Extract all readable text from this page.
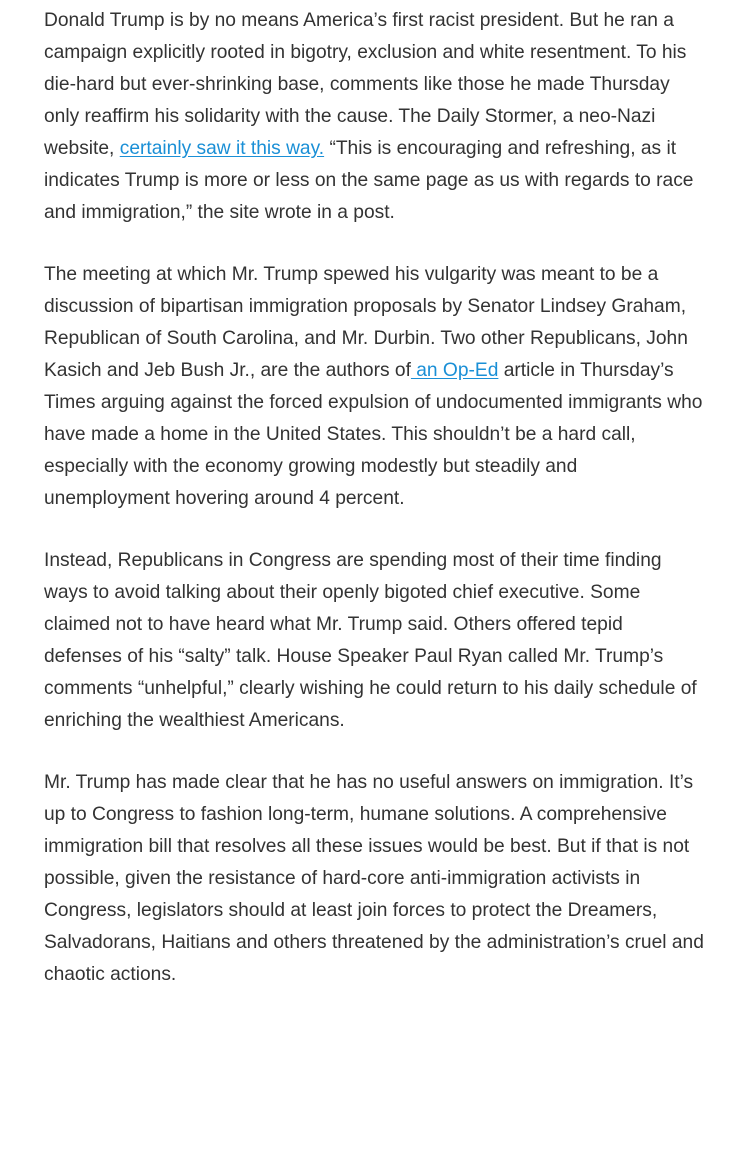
Donald Trump is by no means America’s first racist president. But he ran a campaign explicitly rooted in bigotry, exclusion and white resentment. To his die-hard but ever-shrinking base, comments like those he made Thursday only reaffirm his solidarity with the cause. The Daily Stormer, a neo-Nazi website, certainly saw it this way. “This is encouraging and refreshing, as it indicates Trump is more or less on the same page as us with regards to race and immigration,” the site wrote in a post.

The meeting at which Mr. Trump spewed his vulgarity was meant to be a discussion of bipartisan immigration proposals by Senator Lindsey Graham, Republican of South Carolina, and Mr. Durbin. Two other Republicans, John Kasich and Jeb Bush Jr., are the authors of an Op-Ed article in Thursday’s Times arguing against the forced expulsion of undocumented immigrants who have made a home in the United States. This shouldn’t be a hard call, especially with the economy growing modestly but steadily and unemployment hovering around 4 percent.

Instead, Republicans in Congress are spending most of their time finding ways to avoid talking about their openly bigoted chief executive. Some claimed not to have heard what Mr. Trump said. Others offered tepid defenses of his “salty” talk. House Speaker Paul Ryan called Mr. Trump’s comments “unhelpful,” clearly wishing he could return to his daily schedule of enriching the wealthiest Americans.

Mr. Trump has made clear that he has no useful answers on immigration. It’s up to Congress to fashion long-term, humane solutions. A comprehensive immigration bill that resolves all these issues would be best. But if that is not possible, given the resistance of hard-core anti-immigration activists in Congress, legislators should at least join forces to protect the Dreamers, Salvadorans, Haitians and others threatened by the administration’s cruel and chaotic actions.
